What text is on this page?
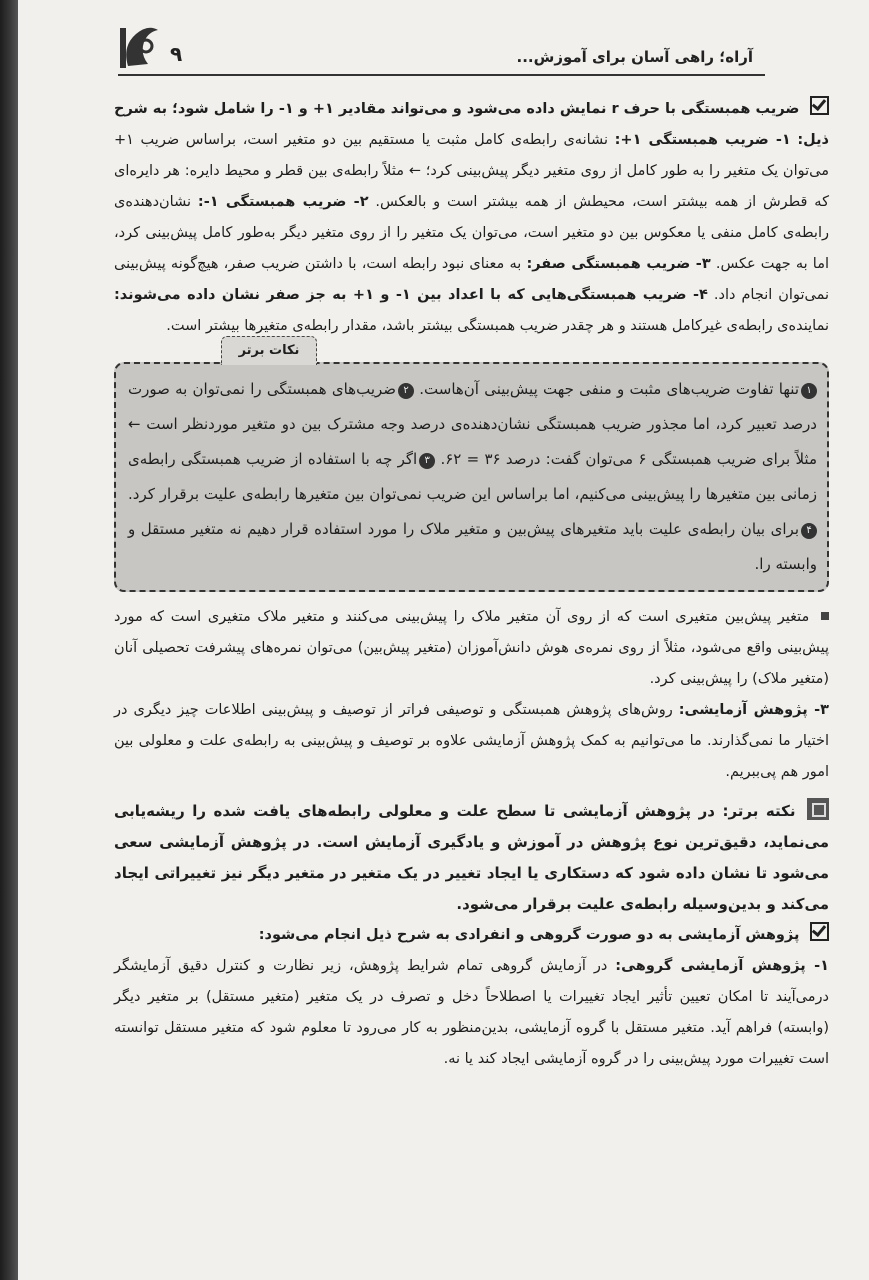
آراه؛ راهی آسان برای آموزش...
۹

ضریب همبستگی با حرف r نمایش داده می‌شود و می‌تواند مقادیر ۱+ و ۱- را شامل شود؛ به شرح ذیل: ۱- ضریب همبستگی ۱+: نشانه‌ی رابطه‌ی کامل مثبت یا مستقیم بین دو متغیر است، براساس ضریب ۱+ می‌توان یک متغیر را به طور کامل از روی متغیر دیگر پیش‌بینی کرد؛ ← مثلاً رابطه‌ی بین قطر و محیط دایره: هر دایره‌ای که قطرش از همه بیشتر است، محیطش از همه بیشتر است و بالعکس. ۲- ضریب همبستگی ۱-: نشان‌دهنده‌ی رابطه‌ی کامل منفی یا معکوس بین دو متغیر است، می‌توان یک متغیر را از روی متغیر دیگر به‌طور کامل پیش‌بینی کرد، اما به جهت عکس. ۳- ضریب همبستگی صفر: به معنای نبود رابطه است، با داشتن ضریب صفر، هیچ‌گونه پیش‌بینی نمی‌توان انجام داد. ۴- ضریب همبستگی‌هایی که با اعداد بین ۱- و ۱+ به جز صفر نشان داده می‌شوند: نماینده‌ی رابطه‌ی غیرکامل هستند و هر چقدر ضریب همبستگی بیشتر باشد، مقدار رابطه‌ی متغیرها بیشتر است.

نکات برتر
۱تنها تفاوت ضریب‌های مثبت و منفی جهت پیش‌بینی آن‌هاست. ۲ضریب‌های همبستگی را نمی‌توان به صورت درصد تعبیر کرد، اما مجذور ضریب همبستگی نشان‌دهنده‌ی درصد وجه مشترک بین دو متغیر موردنظر است ← مثلاً برای ضریب همبستگی ۶ می‌توان گفت: درصد ۳۶ = ۶۲. ۳اگر چه با استفاده از ضریب همبستگی رابطه‌ی زمانی بین متغیرها را پیش‌بینی می‌کنیم، اما براساس این ضریب نمی‌توان بین متغیرها رابطه‌ی علیت برقرار کرد. ۴برای بیان رابطه‌ی علیت باید متغیرهای پیش‌بین و متغیر ملاک را مورد استفاده قرار دهیم نه متغیر مستقل و وابسته را.

متغیر پیش‌بین متغیری است که از روی آن متغیر ملاک را پیش‌بینی می‌کنند و متغیر ملاک متغیری است که مورد پیش‌بینی واقع می‌شود، مثلاً از روی نمره‌ی هوش دانش‌آموزان (متغیر پیش‌بین) می‌توان نمره‌های پیشرفت تحصیلی آنان (متغیر ملاک) را پیش‌بینی کرد.

۳- پژوهش آزمایشی: روش‌های پژوهش همبستگی و توصیفی فراتر از توصیف و پیش‌بینی اطلاعات چیز دیگری در اختیار ما نمی‌گذارند. ما می‌توانیم به کمک پژوهش آزمایشی علاوه بر توصیف و پیش‌بینی به رابطه‌ی علت و معلولی بین امور هم پی‌ببریم.

نکته برتر: در پژوهش آزمایشی تا سطح علت و معلولی رابطه‌های یافت شده را ریشه‌یابی می‌نماید، دقیق‌ترین نوع پژوهش در آموزش و یادگیری آزمایش است. در پژوهش آزمایشی سعی می‌شود تا نشان داده شود که دستکاری یا ایجاد تغییر در یک متغیر در متغیر دیگر نیز تغییراتی ایجاد می‌کند و بدین‌وسیله رابطه‌ی علیت برقرار می‌شود.

پژوهش آزمایشی به دو صورت گروهی و انفرادی به شرح ذیل انجام می‌شود:

۱- پژوهش آزمایشی گروهی: در آزمایش گروهی تمام شرایط پژوهش، زیر نظارت و کنترل دقیق آزمایشگر درمی‌آیند تا امکان تعیین تأثیر ایجاد تغییرات یا اصطلاحاً دخل و تصرف در یک متغیر (متغیر مستقل) بر متغیر دیگر (وابسته) فراهم آید. متغیر مستقل با گروه آزمایشی، بدین‌منظور به کار می‌رود تا معلوم شود که متغیر مستقل توانسته است تغییرات مورد پیش‌بینی را در گروه آزمایشی ایجاد کند یا نه.
